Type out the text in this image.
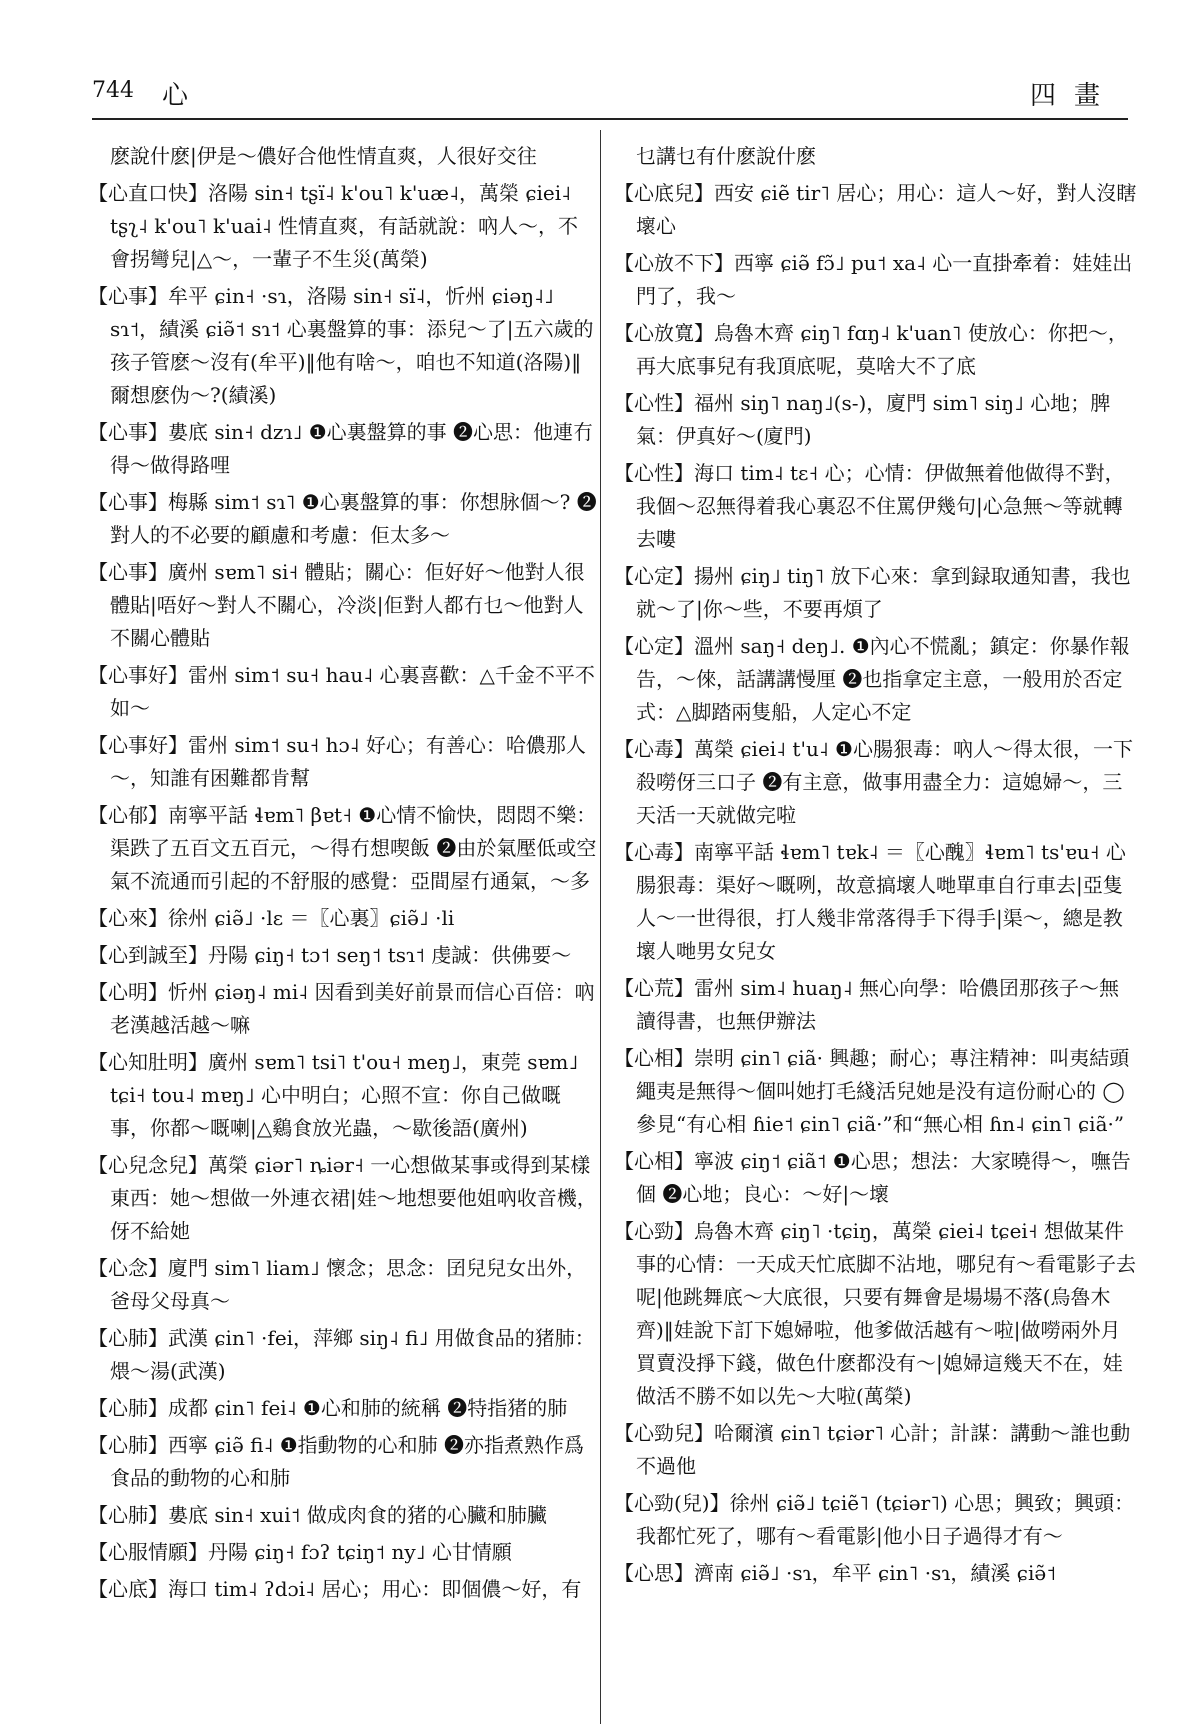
744 心	四畫

麽說什麽|伊是～儂好合他性情直爽，人很好交往

【心直口快】洛陽 sin˧ tʂï˨ k'ou˥ k'uæ˨，萬榮 ɕiei˨ tʂʅ˨ k'ou˥ k'uai˨ 性情直爽，有話就說：吶人～，不會拐彎兒|△～，一輩子不生災(萬榮)

【心事】牟平 ɕin˧ ·sɿ，洛陽 sin˧ sï˨，忻州 ɕiəŋ˨˩ sɿ˦，績溪 ɕiə̃˦ sɿ˦ 心裏盤算的事：添兒～了|五六歲的孩子管麽～沒有(牟平)‖他有啥～，咱也不知道(洛陽)‖爾想麽伪～?(績溪)

【心事】婁底 sin˧ dzɿ˩ ❶心裏盤算的事 ❷心思：他連冇得～做得路哩

【心事】梅縣 sim˦ sɿ˥ ❶心裏盤算的事：你想脉個～? ❷對人的不必要的顧慮和考慮：佢太多～

【心事】廣州 sɐm˥ si˧ 體貼；關心：佢好好～他對人很體貼|唔好～對人不關心，冷淡|佢對人都冇乜～他對人不關心體貼

【心事好】雷州 sim˦ su˧ hau˨ 心裏喜歡：△千金不平不如～

【心事好】雷州 sim˦ su˧ hɔ˨ 好心；有善心：哈儂那人～，知誰有困難都肯幫

【心郁】南寧平話 ɬɐm˥ βɐt˧ ❶心情不愉快，悶悶不樂：渠跌了五百文五百元，～得冇想喫飯 ❷由於氣壓低或空氣不流通而引起的不舒服的感覺：亞間屋冇通氣，～多

【心來】徐州 ɕiə̃˩ ·lɛ ＝〖心裏〗ɕiə̃˩ ·li

【心到誠至】丹陽 ɕiŋ˧ tɔ˦ seŋ˦ tsɿ˦ 虔誠：供佛要～

【心明】忻州 ɕiəŋ˨ mi˨ 因看到美好前景而信心百倍：吶老漢越活越～嘛

【心知肚明】廣州 sɐm˥ tsi˥ t'ou˧ meŋ˩，東莞 sɐm˩ tɕi˧ tou˨ mɐŋ˩ 心中明白；心照不宣：你自己做嘅事，你都～嘅喇|△鷄食放光蟲，～歇後語(廣州)

【心兒念兒】萬榮 ɕiər˥ ȵiər˧ 一心想做某事或得到某樣東西：她～想做一外連衣裙|娃～地想要他姐吶收音機，伢不給她

【心念】廈門 sim˥ liam˩ 懷念；思念：囝兒兒女出外，爸母父母真～

【心肺】武漢 ɕin˥ ·fei，萍鄉 siŋ˨ fi˩ 用做食品的猪肺：煨～湯(武漢)

【心肺】成都 ɕin˥ fei˨ ❶心和肺的統稱 ❷特指猪的肺

【心肺】西寧 ɕiə̃ fi˨ ❶指動物的心和肺 ❷亦指煮熟作爲食品的動物的心和肺

【心肺】婁底 sin˧ xui˦ 做成肉食的猪的心臟和肺臟

【心服情願】丹陽 ɕiŋ˧ fɔʔ tɕiŋ˦ ny˩ 心甘情願

【心底】海口 tim˨ ʔdɔi˨ 居心；用心：即個儂～好，有

乜講乜有什麽說什麽

【心底兒】西安 ɕiẽ tir˥ 居心；用心：這人～好，對人沒瞎壞心

【心放不下】西寧 ɕiə̃ fɔ̃˩ pu˦ xa˨ 心一直掛牽着：娃娃出門了，我～

【心放寬】烏魯木齊 ɕiŋ˥ fɑŋ˨ k'uan˥ 使放心：你把～，再大底事兒有我頂底呢，莫啥大不了底

【心性】福州 siŋ˥ naŋ˩(s-)，廈門 sim˥ siŋ˩ 心地；脾氣：伊真好～(廈門)

【心性】海口 tim˨ tɛ˧ 心；心情：伊做無着他做得不對，我個～忍無得着我心裏忍不住罵伊幾句|心急無～等就轉去嘍

【心定】揚州 ɕiŋ˩ tiŋ˥ 放下心來：拿到録取通知書，我也就～了|你～些，不要再煩了

【心定】溫州 saŋ˧ deŋ˩. ❶內心不慌亂；鎮定：你暴作報告，～倈，話講講慢厘 ❷也指拿定主意，一般用於否定式：△脚踏兩隻船，人定心不定

【心毒】萬榮 ɕiei˨ t'u˨ ❶心腸狠毒：吶人～得太很，一下殺嘮伢三口子 ❷有主意，做事用盡全力：這媳婦～，三天活一天就做完啦

【心毒】南寧平話 ɬɐm˥ tɐk˨ ＝〖心醜〗ɬɐm˥ ts'ɐu˧ 心腸狠毒：渠好～嘅咧，故意搞壞人哋單車自行車去|亞隻人～一世得很，打人幾非常落得手下得手|渠～，總是教壞人哋男女兒女

【心荒】雷州 sim˨ huaŋ˨ 無心向學：哈儂囝那孩子～無讀得書，也無伊辦法

【心相】崇明 ɕin˥ ɕiã· 興趣；耐心；專注精神：叫夷結頭繩夷是無得～個叫她打毛綫活兒她是没有這份耐心的 ◯參見“有心相 ɦie˦ ɕin˥ ɕiã·”和“無心相 ɦn˨ ɕin˥ ɕiã·”

【心相】寧波 ɕiŋ˦ ɕiã˦ ❶心思；想法：大家曉得～，嘸告個 ❷心地；良心：～好|～壞

【心勁】烏魯木齊 ɕiŋ˥ ·tɕiŋ，萬榮 ɕiei˨ tɕei˧ 想做某件事的心情：一天成天忙底脚不沾地，哪兒有～看電影子去呢|他跳舞底～大底很，只要有舞會是場場不落(烏魯木齊)‖娃說下訂下媳婦啦，他爹做活越有～啦|做嘮兩外月買賣没掙下錢，做色什麽都没有～|媳婦這幾天不在，娃做活不勝不如以先～大啦(萬榮)

【心勁兒】哈爾濱 ɕin˥ tɕiər˥ 心計；計謀：講動～誰也動不過他

【心勁(兒)】徐州 ɕiə̃˩ tɕiẽ˥ (tɕiər˥) 心思；興致；興頭：我都忙死了，哪有～看電影|他小日子過得才有～

【心思】濟南 ɕiə̃˩ ·sɿ，牟平 ɕin˥ ·sɿ，績溪 ɕiə̃˦
